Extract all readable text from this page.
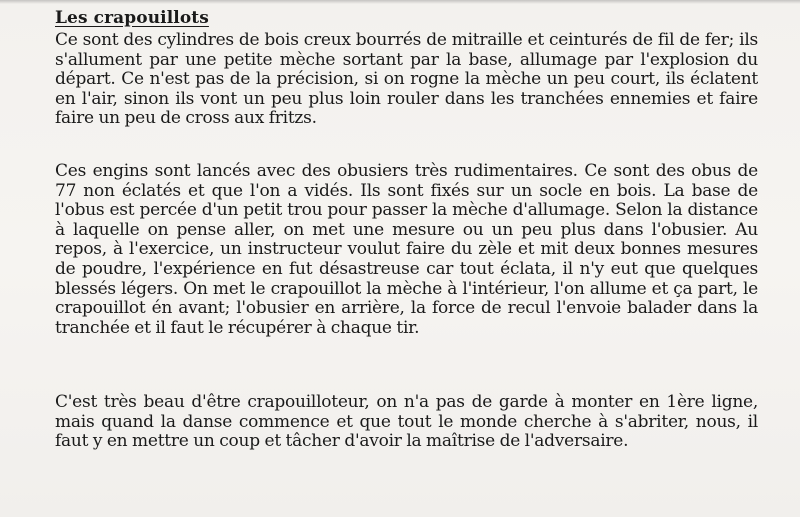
Les crapouillots

Ce sont des cylindres de bois creux bourrés de mitraille et ceinturés de fil de fer; ils s'allument par une petite mèche sortant par la base, allumage par l'explosion du départ. Ce n'est pas de la précision, si on rogne la mèche un peu court, ils éclatent en l'air, sinon ils vont un peu plus loin rouler dans les tranchées ennemies et faire faire un peu de cross aux fritzs.

Ces engins sont lancés avec des obusiers très rudimentaires. Ce sont des obus de 77 non éclatés et que l'on a vidés. Ils sont fixés sur un socle en bois. La base de l'obus est percée d'un petit trou pour passer la mèche d'allumage. Selon la distance à laquelle on pense aller, on met une mesure ou un peu plus dans l'obusier. Au repos, à l'exercice, un instructeur voulut faire du zèle et mit deux bonnes mesures de poudre, l'expérience en fut désastreuse car tout éclata, il n'y eut que quelques blessés légers. On met le crapouillot la mèche à l'intérieur, l'on allume et ça part, le crapouillot én avant; l'obusier en arrière, la force de recul l'envoie balader dans la tranchée et il faut le récupérer à chaque tir.

C'est très beau d'être crapouilloteur, on n'a pas de garde à monter en 1ère ligne, mais quand la danse commence et que tout le monde cherche à s'abriter, nous, il faut y en mettre un coup et tâcher d'avoir la maîtrise de l'adversaire.
